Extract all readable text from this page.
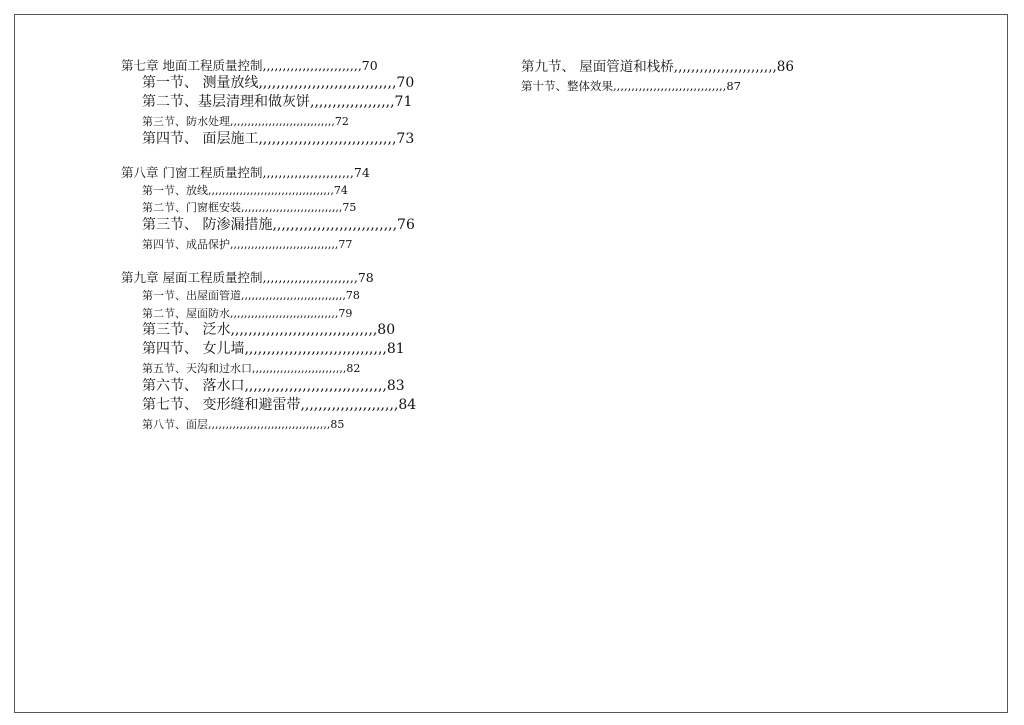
第七章 地面工程质量控制,,,,,,,,,,,,,,,,,,,,,,,,,70
第一节、 测量放线,,,,,,,,,,,,,,,,,,,,,,,,,,,,,,,70
第二节、基层清理和做灰饼,,,,,,,,,,,,,,,,,,,71
第三节、防水处理,,,,,,,,,,,,,,,,,,,,,,,,,,,,,,72
第四节、 面层施工,,,,,,,,,,,,,,,,,,,,,,,,,,,,,,,73
第八章 门窗工程质量控制,,,,,,,,,,,,,,,,,,,,,,,74
第一节、放线,,,,,,,,,,,,,,,,,,,,,,,,,,,,,,,,,,,,74
第二节、门窗框安装,,,,,,,,,,,,,,,,,,,,,,,,,,,,,75
第三节、 防渗漏措施,,,,,,,,,,,,,,,,,,,,,,,,,,,,76
第四节、成品保护,,,,,,,,,,,,,,,,,,,,,,,,,,,,,,,77
第九章 屋面工程质量控制,,,,,,,,,,,,,,,,,,,,,,,,78
第一节、出屋面管道,,,,,,,,,,,,,,,,,,,,,,,,,,,,,,78
第二节、屋面防水,,,,,,,,,,,,,,,,,,,,,,,,,,,,,,,79
第三节、 泛水,,,,,,,,,,,,,,,,,,,,,,,,,,,,,,,,,80
第四节、 女儿墙,,,,,,,,,,,,,,,,,,,,,,,,,,,,,,,,81
第五节、天沟和过水口,,,,,,,,,,,,,,,,,,,,,,,,,,,82
第六节、 落水口,,,,,,,,,,,,,,,,,,,,,,,,,,,,,,,,83
第七节、 变形缝和避雷带,,,,,,,,,,,,,,,,,,,,,,84
第八节、面层,,,,,,,,,,,,,,,,,,,,,,,,,,,,,,,,,,,85
第九节、 屋面管道和栈桥,,,,,,,,,,,,,,,,,,,,,,,,86
第十节、整体效果,,,,,,,,,,,,,,,,,,,,,,,,,,,,,,,87
